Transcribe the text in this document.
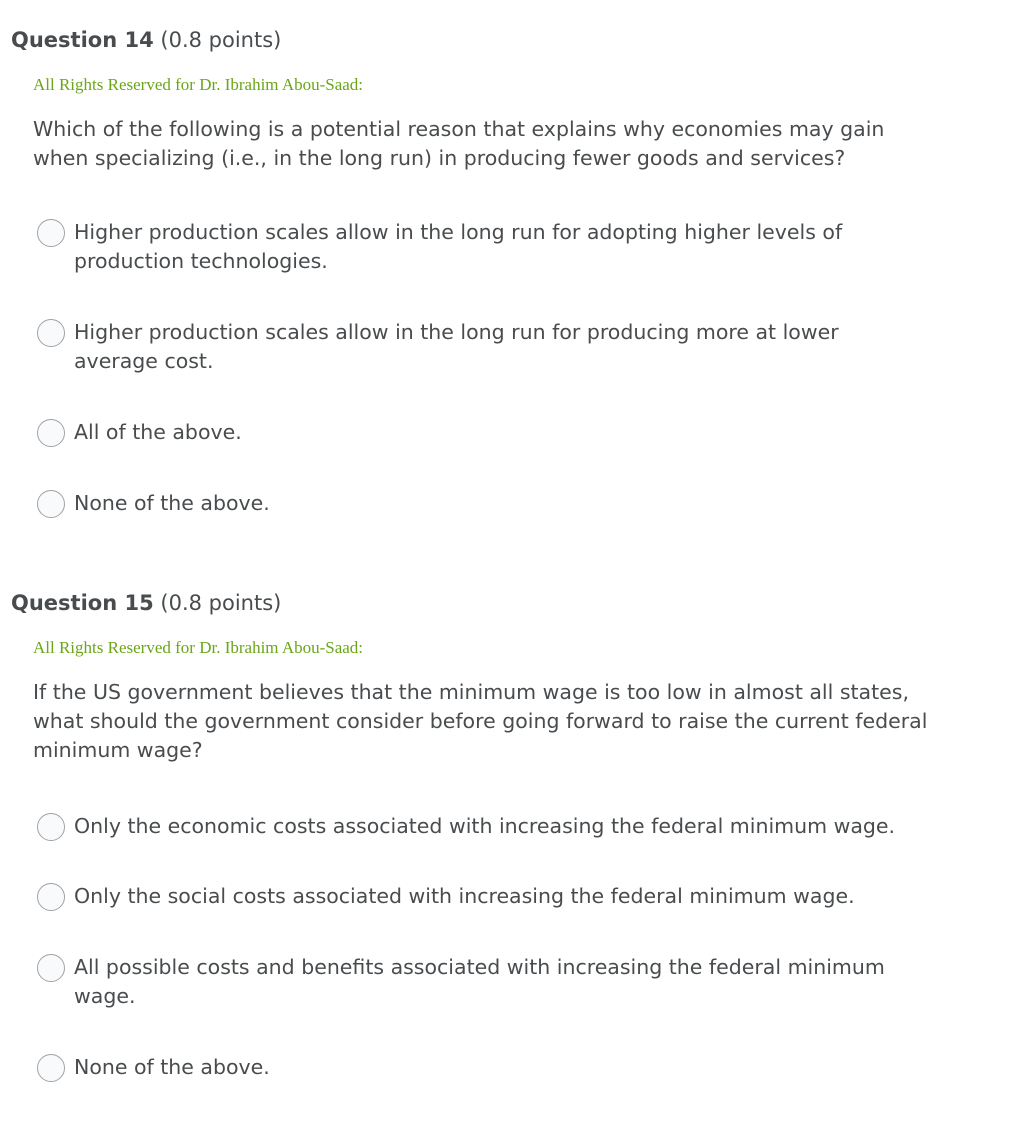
Question 14 (0.8 points)
All Rights Reserved for Dr. Ibrahim Abou-Saad:
Which of the following is a potential reason that explains why economies may gain when specializing (i.e., in the long run) in producing fewer goods and services?
Higher production scales allow in the long run for adopting higher levels of production technologies.
Higher production scales allow in the long run for producing more at lower average cost.
All of the above.
None of the above.
Question 15 (0.8 points)
All Rights Reserved for Dr. Ibrahim Abou-Saad:
If the US government believes that the minimum wage is too low in almost all states, what should the government consider before going forward to raise the current federal minimum wage?
Only the economic costs associated with increasing the federal minimum wage.
Only the social costs associated with increasing the federal minimum wage.
All possible costs and benefits associated with increasing the federal minimum wage.
None of the above.
